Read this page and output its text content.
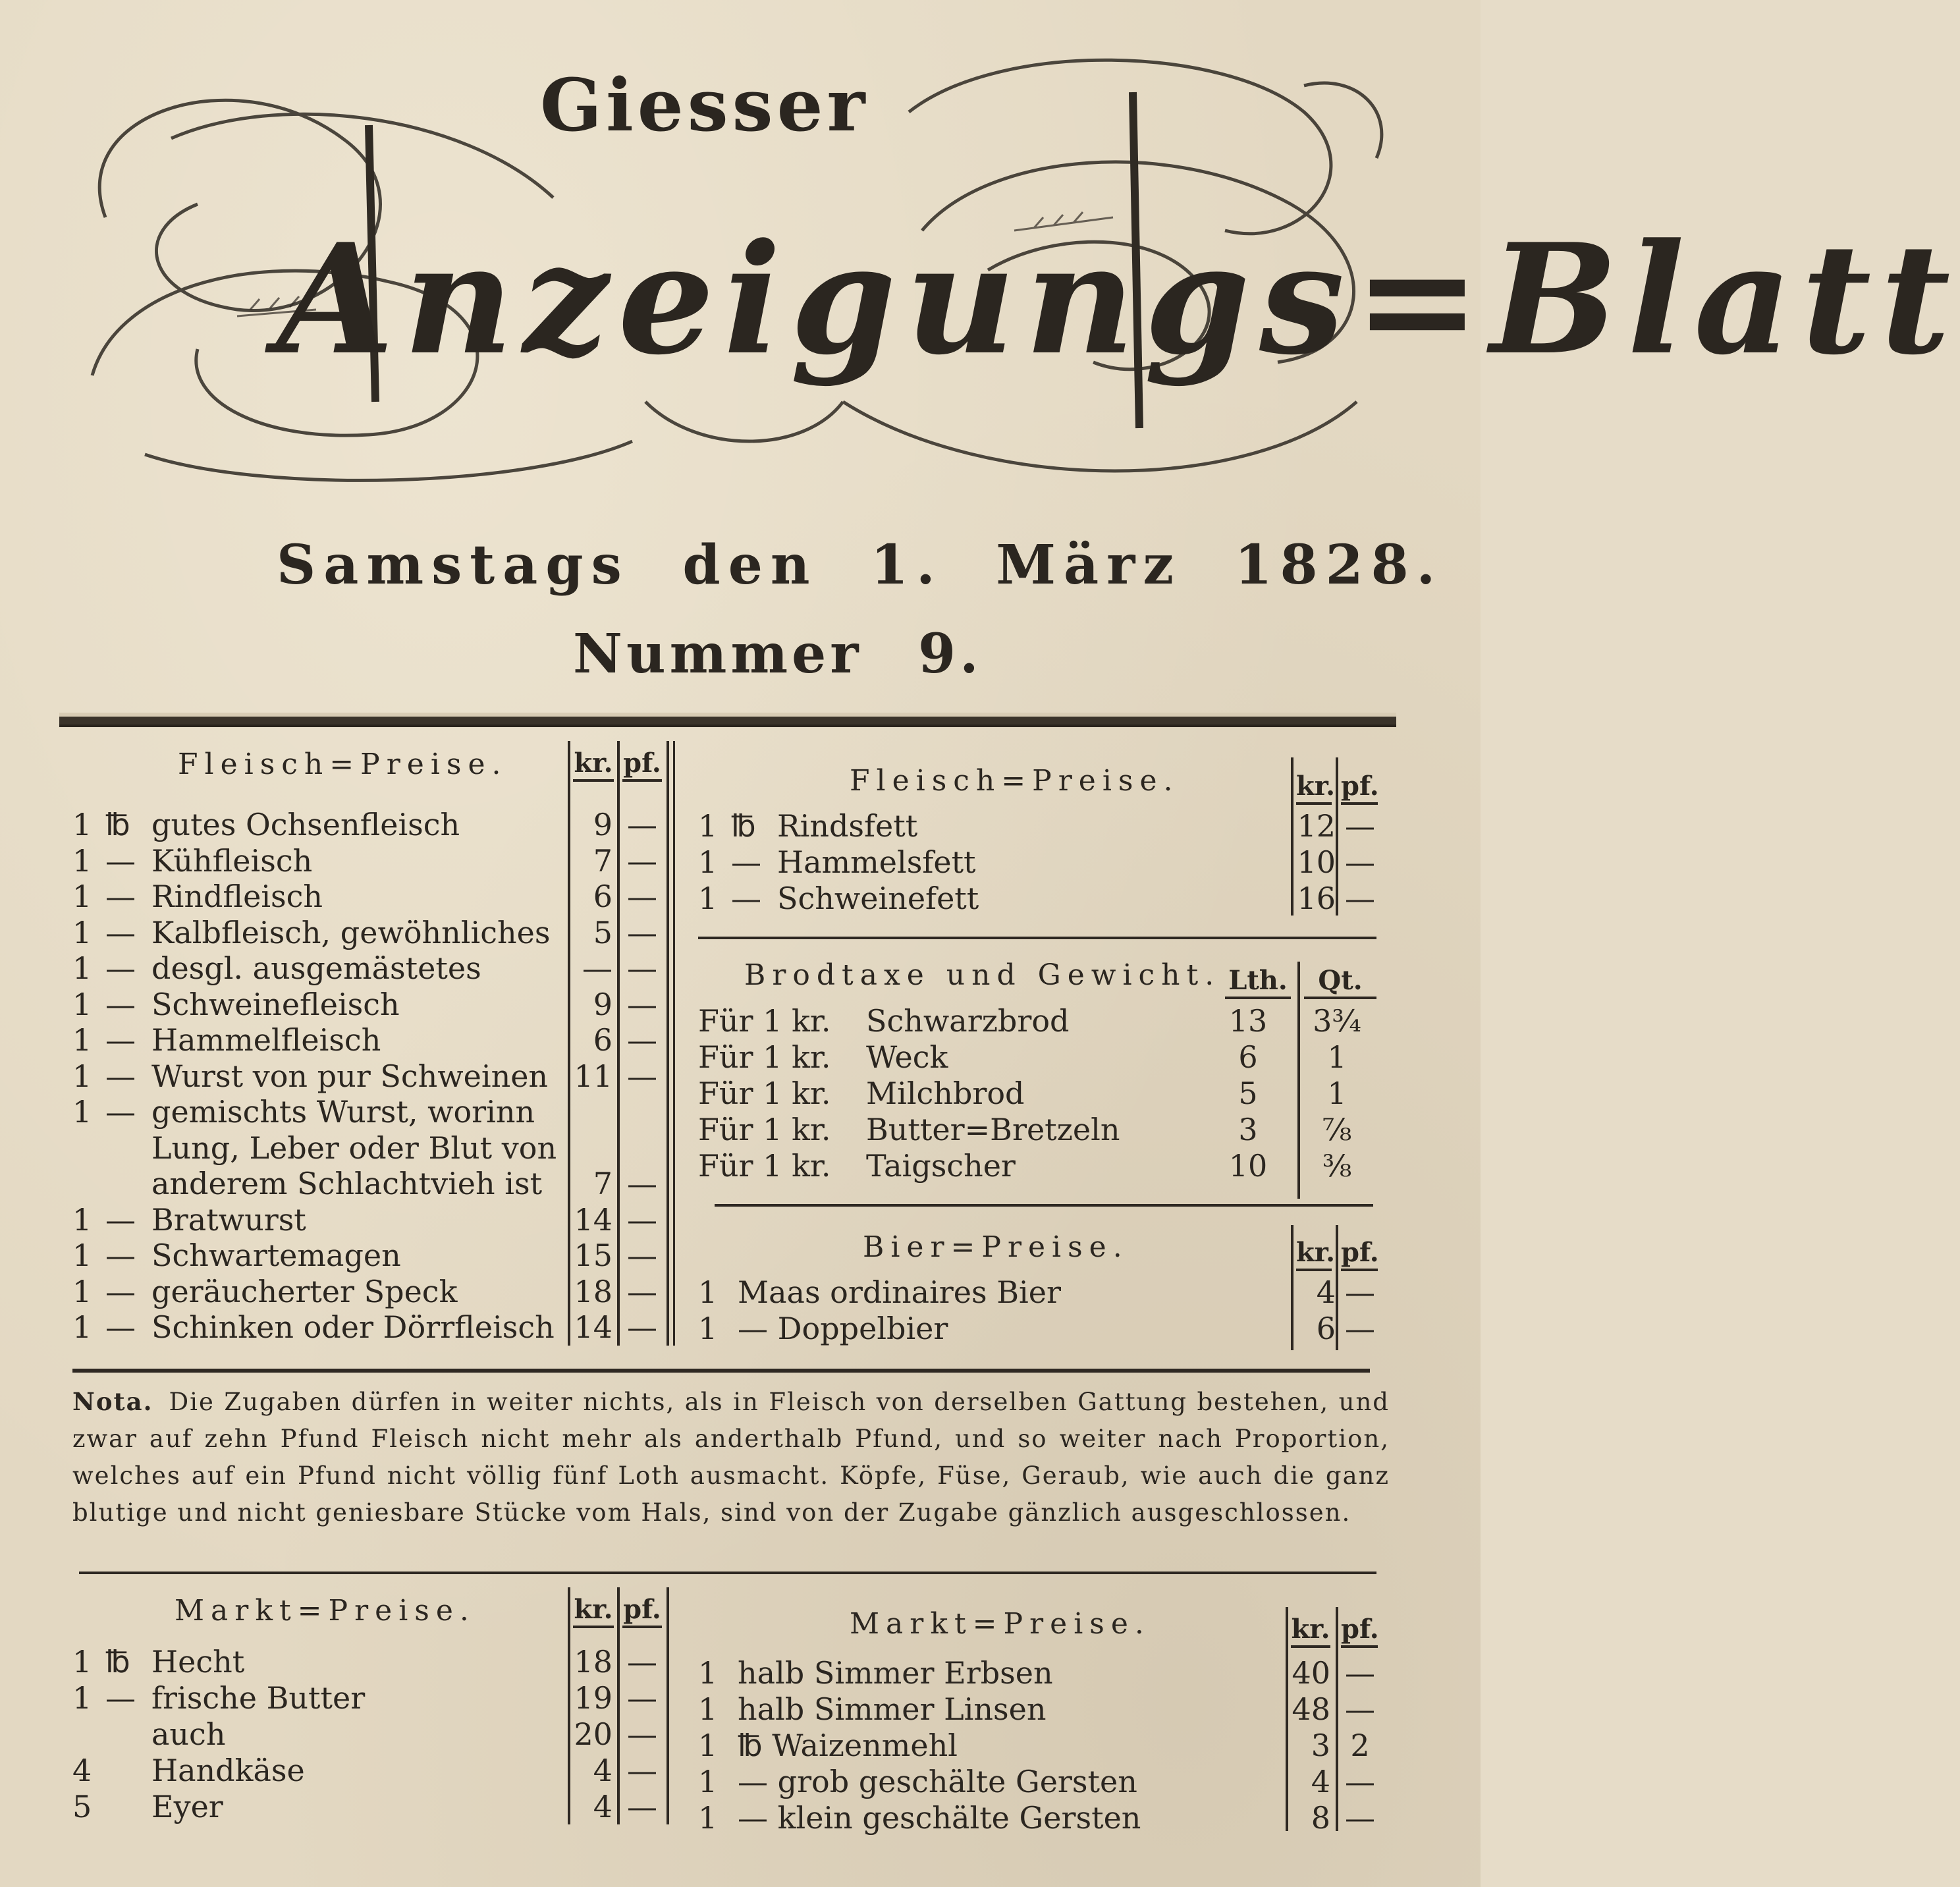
Giesser
Anzeigungs=Blatt
Samstags den 1. März 1828.
Nummer 9.
Fleisch=Preise.	kr. pf.
1 ℔ gutes Ochsenfleisch	9 —
1 — Kühfleisch	7 —
1 — Rindfleisch	6 —
1 — Kalbfleisch, gewöhnliches	5 —
1 — desgl. ausgemästetes	— —
1 — Schweinefleisch	9 —
1 — Hammelfleisch	6 —
1 — Wurst von pur Schweinen 11 —
1 — gemischts Wurst, worinn
Lung, Leber oder Blut von
anderem Schlachtvieh ist	7 —
1 — Bratwurst	14 —
1 — Schwartemagen	15 —
1 — geräucherter Speck	18 —
1 — Schinken oder Dörrfleisch 14 —
Fleisch=Preise.	kr. pf.
1 ℔ Rindsfett	12 —
1 — Hammelsfett	10 —
1 — Schweinefett	16 —
Brodtaxe und Gewicht. Lth.	Qt.
Für 1 kr. Schwarzbrod	13	3¾
Für 1 kr. Weck	6	1
Für 1 kr. Milchbrod	5	1
Für 1 kr. Butter=Bretzeln	3	⅞
Für 1 kr. Taigscher	10	⅜
Bier=Preise.	kr. pf.
1 Maas ordinaires Bier	4 —
1 — Doppelbier	6 —
Nota. Die Zugaben dürfen in weiter nichts, als in Fleisch von derselben Gattung bestehen, und zwar auf zehn Pfund Fleisch nicht mehr als anderthalb Pfund, und so weiter nach Proportion, welches auf ein Pfund nicht völlig fünf Loth ausmacht. Köpfe, Füse, Geraub, wie auch die ganz blutige und nicht geniesbare Stücke vom Hals, sind von der Zugabe gänzlich ausgeschlossen.
Markt=Preise.	kr. pf.
1 ℔ Hecht	18 —
1 — frische Butter	19 —
auch	20 —
4 Handkäse	4 —
5 Eyer	4 —
Markt=Preise.	kr. pf.
1 halb Simmer Erbsen	40 —
1 halb Simmer Linsen	48 —
1 ℔ Waizenmehl	3 2
1 — grob geschälte Gersten	4 —
1 — klein geschälte Gersten	8 —
